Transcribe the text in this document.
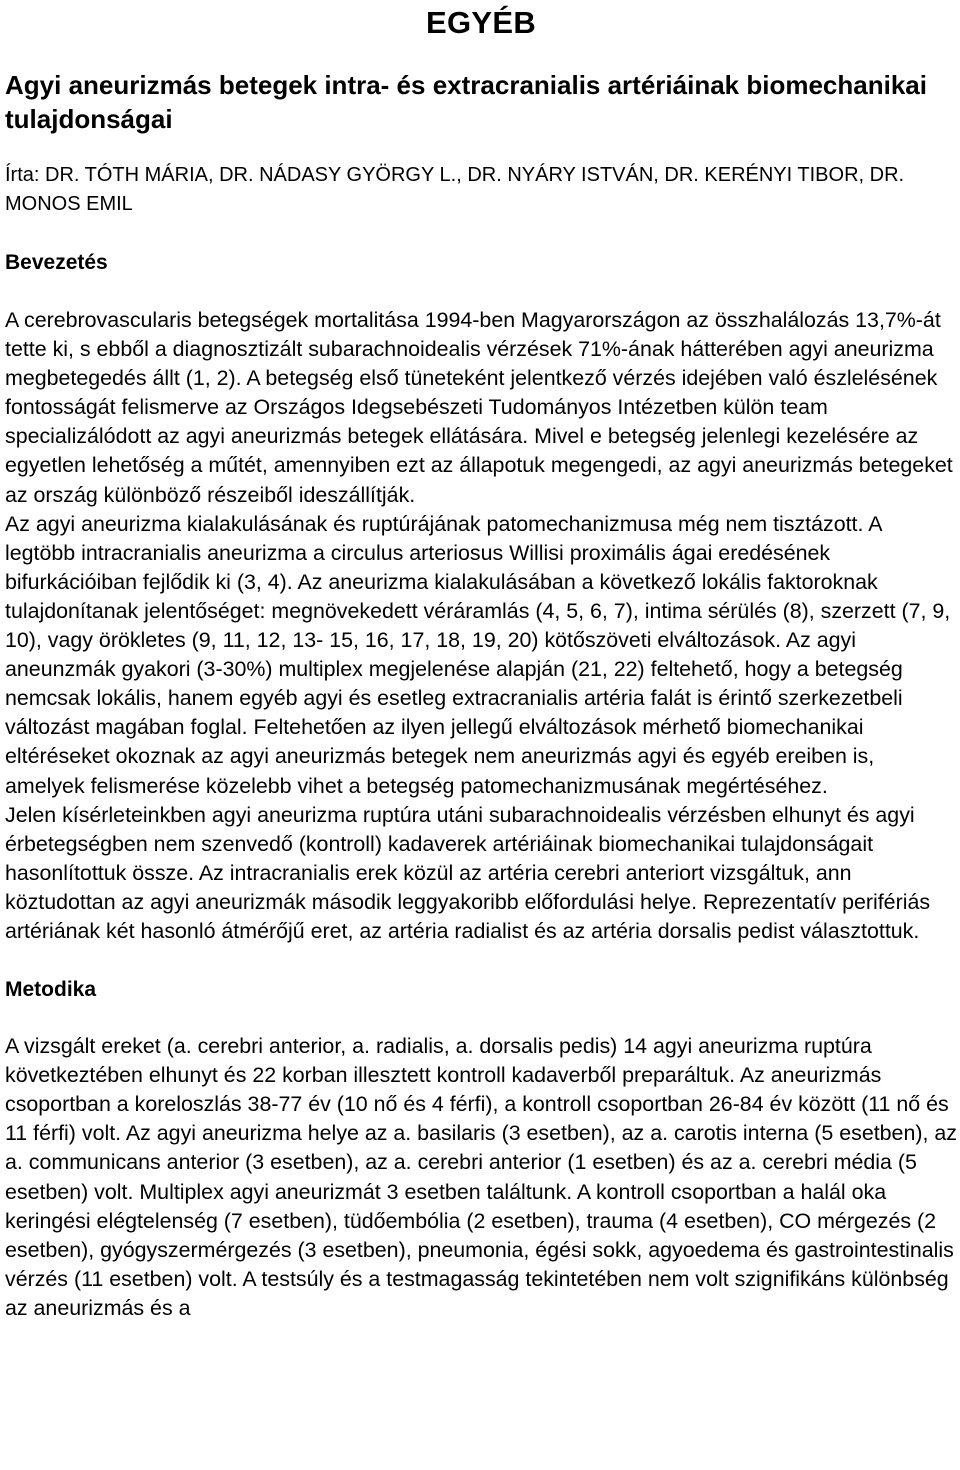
EGYÉB
Agyi aneurizmás betegek intra- és extracranialis artériáinak biomechanikai tulajdonságai
Írta: DR. TÓTH MÁRIA, DR. NÁDASY GYÖRGY L., DR. NYÁRY ISTVÁN, DR. KERÉNYI TIBOR, DR. MONOS EMIL
Bevezetés

A cerebrovascularis betegségek mortalitása 1994-ben Magyarországon az összhalálozás 13,7%-át tette ki, s ebből a diagnosztizált subarachnoidealis vérzések 71%-ának hátterében agyi aneurizma megbetegedés állt (1, 2). A betegség első tüneteként jelentkező vérzés idejében való észlelésének fontosságát felismerve az Országos Idegsebészeti Tudományos Intézetben külön team specializálódott az agyi aneurizmás betegek ellátására. Mivel e betegség jelenlegi kezelésére az egyetlen lehetőség a műtét, amennyiben ezt az állapotuk megengedi, az agyi aneurizmás betegeket az ország különböző részeiből ideszállítják.

Az agyi aneurizma kialakulásának és ruptúrájának patomechanizmusa még nem tisztázott. A legtöbb intracranialis aneurizma a circulus arteriosus Willisi proximális ágai eredésének bifurkációiban fejlődik ki (3, 4). Az aneurizma kialakulásában a következő lokális faktoroknak tulajdonítanak jelentőséget: megnövekedett véráramlás (4, 5, 6, 7), intima sérülés (8), szerzett (7, 9, 10), vagy örökletes (9, 11, 12, 13- 15, 16, 17, 18, 19, 20) kötőszöveti elváltozások. Az agyi aneunzmák gyakori (3-30%) multiplex megjelenése alapján (21, 22) feltehető, hogy a betegség nemcsak lokális, hanem egyéb agyi és esetleg extracranialis artéria falát is érintő szerkezetbeli változást magában foglal. Feltehetően az ilyen jellegű elváltozások mérhető biomechanikai eltéréseket okoznak az agyi aneurizmás betegek nem aneurizmás agyi és egyéb ereiben is, amelyek felismerése közelebb vihet a betegség patomechanizmusának megértéséhez.

Jelen kísérleteinkben agyi aneurizma ruptúra utáni subarachnoidealis vérzésben elhunyt és agyi érbetegségben nem szenvedő (kontroll) kadaverek artériáinak biomechanikai tulajdonságait hasonlítottuk össze. Az intracranialis erek közül az artéria cerebri anteriort vizsgáltuk, ann köztudottan az agyi aneurizmák második leggyakoribb előfordulási helye. Reprezentatív perifériás artériának két hasonló átmérőjű eret, az artéria radialist és az artéria dorsalis pedist választottuk.

Metodika

A vizsgált ereket (a. cerebri anterior, a. radialis, a. dorsalis pedis) 14 agyi aneurizma ruptúra következtében elhunyt és 22 korban illesztett kontroll kadaverből preparáltuk. Az aneurizmás csoportban a koreloszlás 38-77 év (10 nő és 4 férfi), a kontroll csoportban 26-84 év között (11 nő és 11 férfi) volt. Az agyi aneurizma helye az a. basilaris (3 esetben), az a. carotis interna (5 esetben), az a. communicans anterior (3 esetben), az a. cerebri anterior (1 esetben) és az a. cerebri média (5 esetben) volt. Multiplex agyi aneurizmát 3 esetben találtunk. A kontroll csoportban a halál oka keringési elégtelenség (7 esetben), tüdőembólia (2 esetben), trauma (4 esetben), CO mérgezés (2 esetben), gyógyszermérgezés (3 esetben), pneumonia, égési sokk, agyoedema és gastrointestinalis vérzés (11 esetben) volt. A testsúly és a testmagasság tekintetében nem volt szignifikáns különbség az aneurizmás és a
